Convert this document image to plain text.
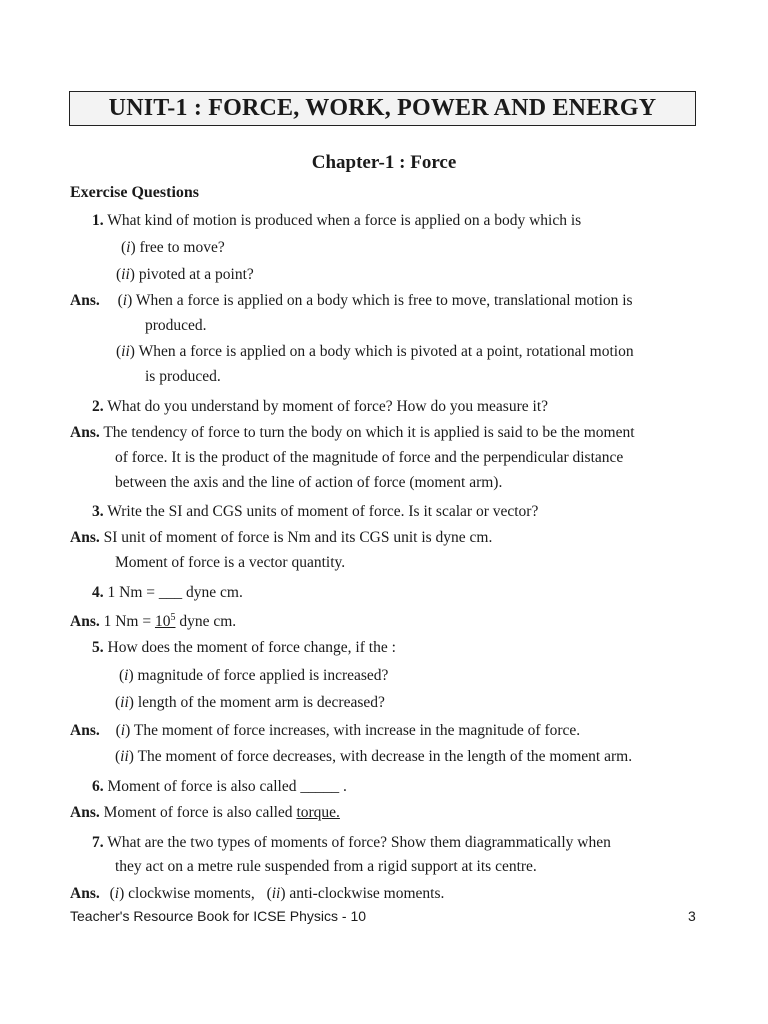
UNIT-1 : FORCE, WORK, POWER AND ENERGY
Chapter-1 : Force
Exercise Questions
1. What kind of motion is produced when a force is applied on a body which is
(i) free to move?
(ii) pivoted at a point?
Ans. (i) When a force is applied on a body which is free to move, translational motion is
produced.
(ii) When a force is applied on a body which is pivoted at a point, rotational motion
is produced.
2. What do you understand by moment of force? How do you measure it?
Ans. The tendency of force to turn the body on which it is applied is said to be the moment
of force. It is the product of the magnitude of force and the perpendicular distance
between the axis and the line of action of force (moment arm).
3. Write the SI and CGS units of moment of force. Is it scalar or vector?
Ans. SI unit of moment of force is Nm and its CGS unit is dyne cm.
Moment of force is a vector quantity.
4. 1 Nm = ___ dyne cm.
Ans. 1 $Nm = 10^5$ dyne cm.
5. How does the moment of force change, if the :
(i) magnitude of force applied is increased?
(ii) length of the moment arm is decreased?
Ans. (i) The moment of force increases, with increase in the magnitude of force.
(ii) The moment of force decreases, with decrease in the length of the moment arm.
6. Moment of force is also called _____ .
Ans. Moment of force is also called torque.
7. What are the two types of moments of force? Show them diagrammatically when
they act on a metre rule suspended from a rigid support at its centre.
Ans. (i) clockwise moments, (ii) anti-clockwise moments.
Teacher's Resource Book for ICSE Physics - 10	3
